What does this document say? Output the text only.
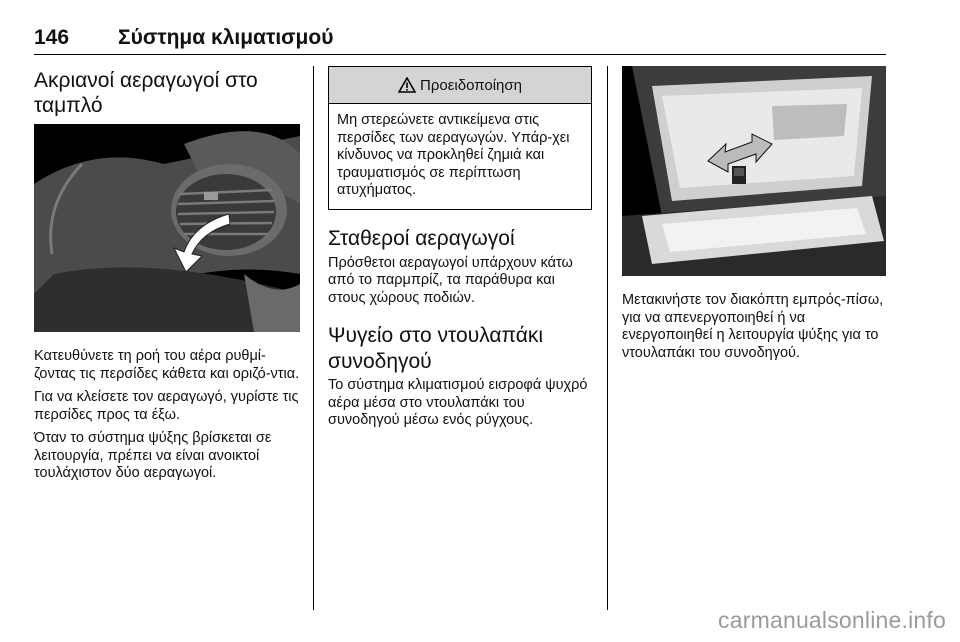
146 Σύστημα κλιματισμού
Ακριανοί αεραγωγοί στο ταμπλό

Κατευθύνετε τη ροή του αέρα ρυθμί-ζοντας τις περσίδες κάθετα και οριζό-ντια.

Για να κλείσετε τον αεραγωγό, γυρίστε τις περσίδες προς τα έξω.

Όταν το σύστημα ψύξης βρίσκεται σε λειτουργία, πρέπει να είναι ανοικτοί τουλάχιστον δύο αεραγωγοί.

Προειδοποίηση

Μη στερεώνετε αντικείμενα στις περσίδες των αεραγωγών. Υπάρ-χει κίνδυνος να προκληθεί ζημιά και τραυματισμός σε περίπτωση ατυχήματος.

Σταθεροί αεραγωγοί

Πρόσθετοι αεραγωγοί υπάρχουν κάτω από το παρμπρίζ, τα παράθυρα και στους χώρους ποδιών.

Ψυγείο στο ντουλαπάκι συνοδηγού

Το σύστημα κλιματισμού εισροφά ψυχρό αέρα μέσα στο ντουλαπάκι του συνοδηγού μέσω ενός ρύγχους.

Μετακινήστε τον διακόπτη εμπρός-πίσω, για να απενεργοποιηθεί ή να ενεργοποιηθεί η λειτουργία ψύξης για το ντουλαπάκι του συνοδηγού.

carmanualsonline.info
